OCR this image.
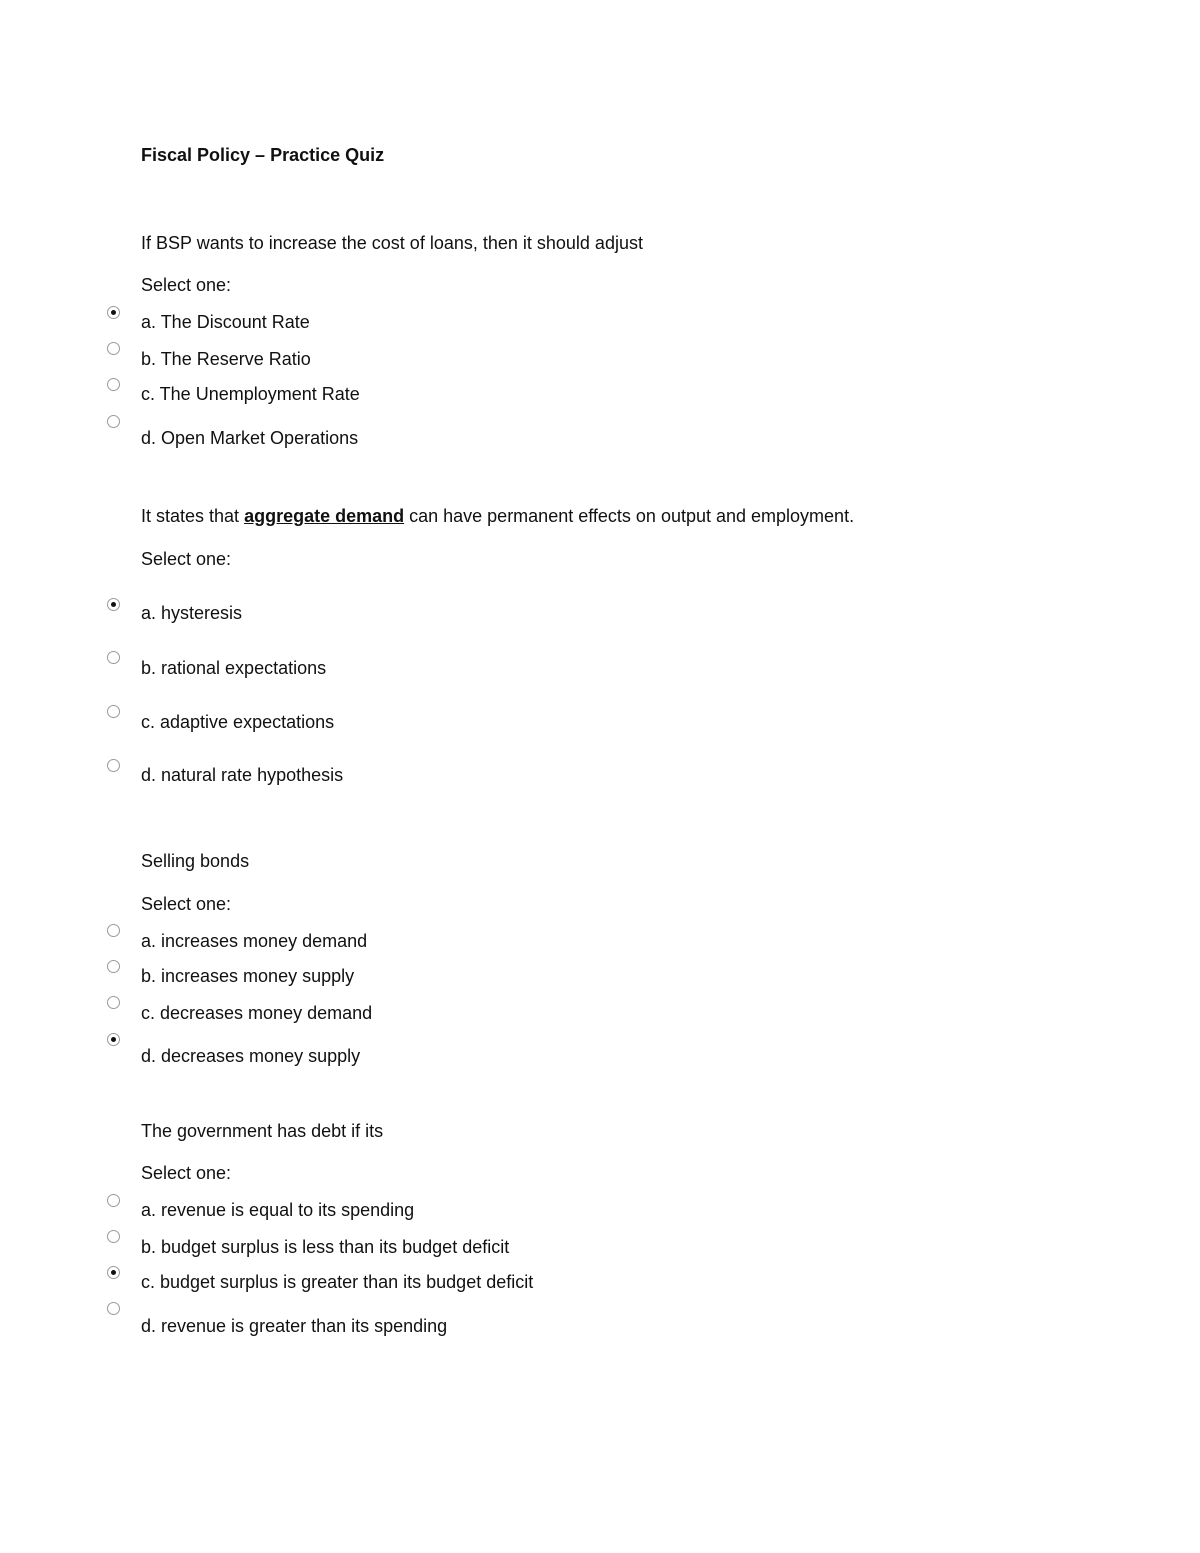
Fiscal Policy – Practice Quiz
If BSP wants to increase the cost of loans, then it should adjust
Select one:
a. The Discount Rate
b. The Reserve Ratio
c. The Unemployment Rate
d. Open Market Operations
It states that aggregate demand can have permanent effects on output and employment.
Select one:
a. hysteresis
b. rational expectations
c. adaptive expectations
d. natural rate hypothesis
Selling bonds
Select one:
a. increases money demand
b. increases money supply
c. decreases money demand
d. decreases money supply
The government has debt if its
Select one:
a. revenue is equal to its spending
b. budget surplus is less than its budget deficit
c. budget surplus is greater than its budget deficit
d. revenue is greater than its spending
